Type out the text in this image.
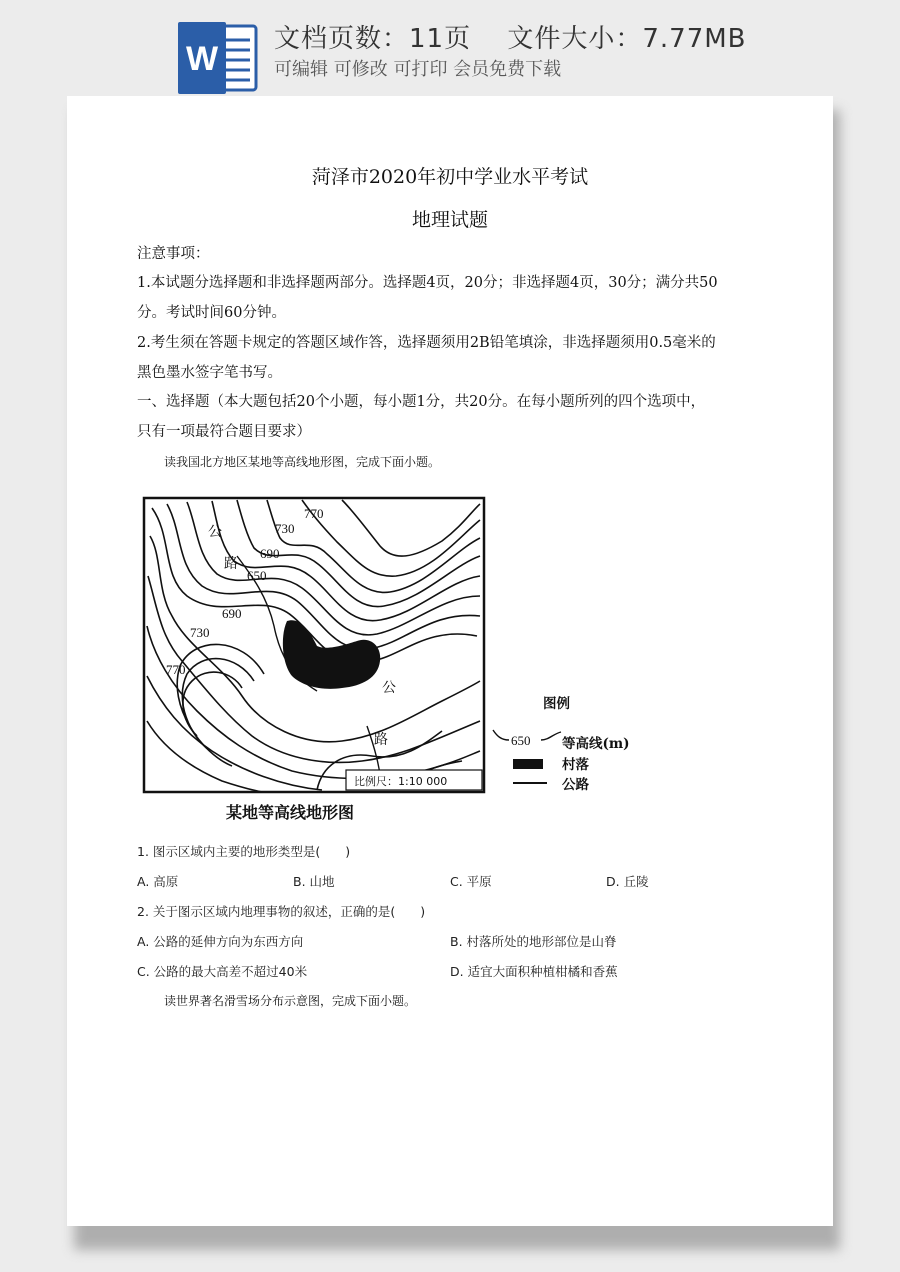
W
文档页数：11页　 文件大小：7.77MB
可编辑 可修改 可打印 会员免费下载
菏泽市2020年初中学业水平考试
地理试题
注意事项：
1.本试题分选择题和非选择题两部分。选择题4页，20分；非选择题4页，30分；满分共50
分。考试时间60分钟。
2.考生须在答题卡规定的答题区域作答，选择题须用2B铅笔填涂，非选择题须用0.5毫米的
黑色墨水签字笔书写。
一、选择题（本大题包括20个小题，每小题1分，共20分。在每小题所列的四个选项中，
只有一项最符合题目要求）
读我国北方地区某地等高线地形图，完成下面小题。
770
730
690
650
690
730
770
公
路
公
路
比例尺：1:10 000
某地等高线地形图
图例
650 等高线(m)
村落
公路
1. 图示区域内主要的地形类型是(　　)
A. 高原	B. 山地	C. 平原	D. 丘陵
2. 关于图示区域内地理事物的叙述，正确的是(　　)
A. 公路的延伸方向为东西方向	B. 村落所处的地形部位是山脊
C. 公路的最大高差不超过40米	D. 适宜大面积种植柑橘和香蕉
读世界著名滑雪场分布示意图，完成下面小题。
